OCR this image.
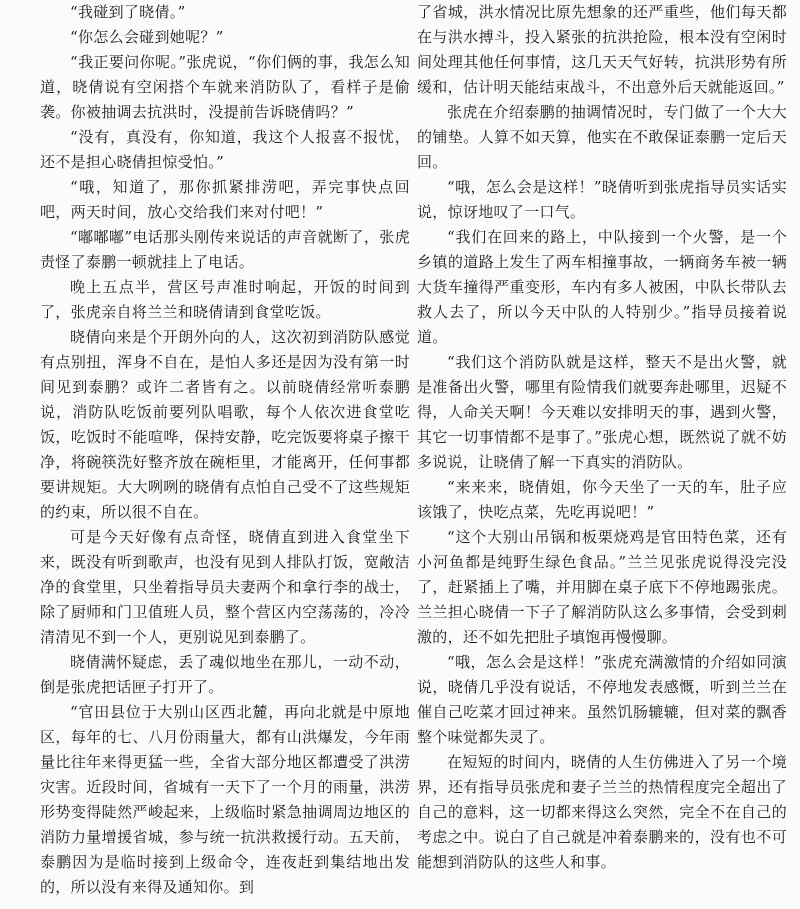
“我碰到了晓倩。”

“你怎么会碰到她呢？”

“我正要问你呢。”张虎说，“你们俩的事，我怎么知道，晓倩说有空闲搭个车就来消防队了，看样子是偷袭。你被抽调去抗洪时，没提前告诉晓倩吗？”

“没有，真没有，你知道，我这个人报喜不报忧，还不是担心晓倩担惊受怕。”

“哦，知道了，那你抓紧排涝吧，弄完事快点回吧，两天时间，放心交给我们来对付吧！”

“嘟嘟嘟”电话那头刚传来说话的声音就断了，张虎责怪了泰鹏一顿就挂上了电话。

晚上五点半，营区号声准时响起，开饭的时间到了，张虎亲自将兰兰和晓倩请到食堂吃饭。

晓倩向来是个开朗外向的人，这次初到消防队感觉有点别扭，浑身不自在，是怕人多还是因为没有第一时间见到泰鹏？或许二者皆有之。以前晓倩经常听泰鹏说，消防队吃饭前要列队唱歌，每个人依次进食堂吃饭，吃饭时不能喧哗，保持安静，吃完饭要将桌子擦干净，将碗筷洗好整齐放在碗柜里，才能离开，任何事都要讲规矩。大大咧咧的晓倩有点怕自己受不了这些规矩的约束，所以很不自在。

可是今天好像有点奇怪，晓倩直到进入食堂坐下来，既没有听到歌声，也没有见到人排队打饭，宽敞洁净的食堂里，只坐着指导员夫妻两个和拿行李的战士，除了厨师和门卫值班人员，整个营区内空荡荡的，冷冷清清见不到一个人，更别说见到泰鹏了。

晓倩满怀疑虑，丢了魂似地坐在那儿，一动不动，倒是张虎把话匣子打开了。

“官田县位于大别山区西北麓，再向北就是中原地区，每年的七、八月份雨量大，都有山洪爆发，今年雨量比往年来得更猛一些，全省大部分地区都遭受了洪涝灾害。近段时间，省城有一天下了一个月的雨量，洪涝形势变得陡然严峻起来，上级临时紧急抽调周边地区的消防力量增援省城，参与统一抗洪救援行动。五天前，泰鹏因为是临时接到上级命令，连夜赶到集结地出发的，所以没有来得及通知你。到

了省城，洪水情况比原先想象的还严重些，他们每天都在与洪水搏斗，投入紧张的抗洪抢险，根本没有空闲时间处理其他任何事情，这几天天气好转，抗洪形势有所缓和，估计明天能结束战斗，不出意外后天就能返回。”

张虎在介绍泰鹏的抽调情况时，专门做了一个大大的铺垫。人算不如天算，他实在不敢保证泰鹏一定后天回。

“哦，怎么会是这样！”晓倩听到张虎指导员实话实说，惊讶地叹了一口气。

“我们在回来的路上，中队接到一个火警，是一个乡镇的道路上发生了两车相撞事故，一辆商务车被一辆大货车撞得严重变形，车内有多人被困，中队长带队去救人去了，所以今天中队的人特别少。”指导员接着说道。

“我们这个消防队就是这样，整天不是出火警，就是准备出火警，哪里有险情我们就要奔赴哪里，迟疑不得，人命关天啊！今天难以安排明天的事，遇到火警，其它一切事情都不是事了。”张虎心想，既然说了就不妨多说说，让晓倩了解一下真实的消防队。

“来来来，晓倩姐，你今天坐了一天的车，肚子应该饿了，快吃点菜，先吃再说吧！”

“这个大别山吊锅和板栗烧鸡是官田特色菜，还有小河鱼都是纯野生绿色食品。”兰兰见张虎说得没完没了，赶紧插上了嘴，并用脚在桌子底下不停地踢张虎。兰兰担心晓倩一下子了解消防队这么多事情，会受到刺激的，还不如先把肚子填饱再慢慢聊。

“哦，怎么会是这样！”张虎充满激情的介绍如同演说，晓倩几乎没有说话，不停地发表感慨，听到兰兰在催自己吃菜才回过神来。虽然饥肠辘辘，但对菜的飘香整个味觉都失灵了。

在短短的时间内，晓倩的人生仿佛进入了另一个境界，还有指导员张虎和妻子兰兰的热情程度完全超出了自己的意料，这一切都来得这么突然，完全不在自己的考虑之中。说白了自己就是冲着泰鹏来的，没有也不可能想到消防队的这些人和事。
